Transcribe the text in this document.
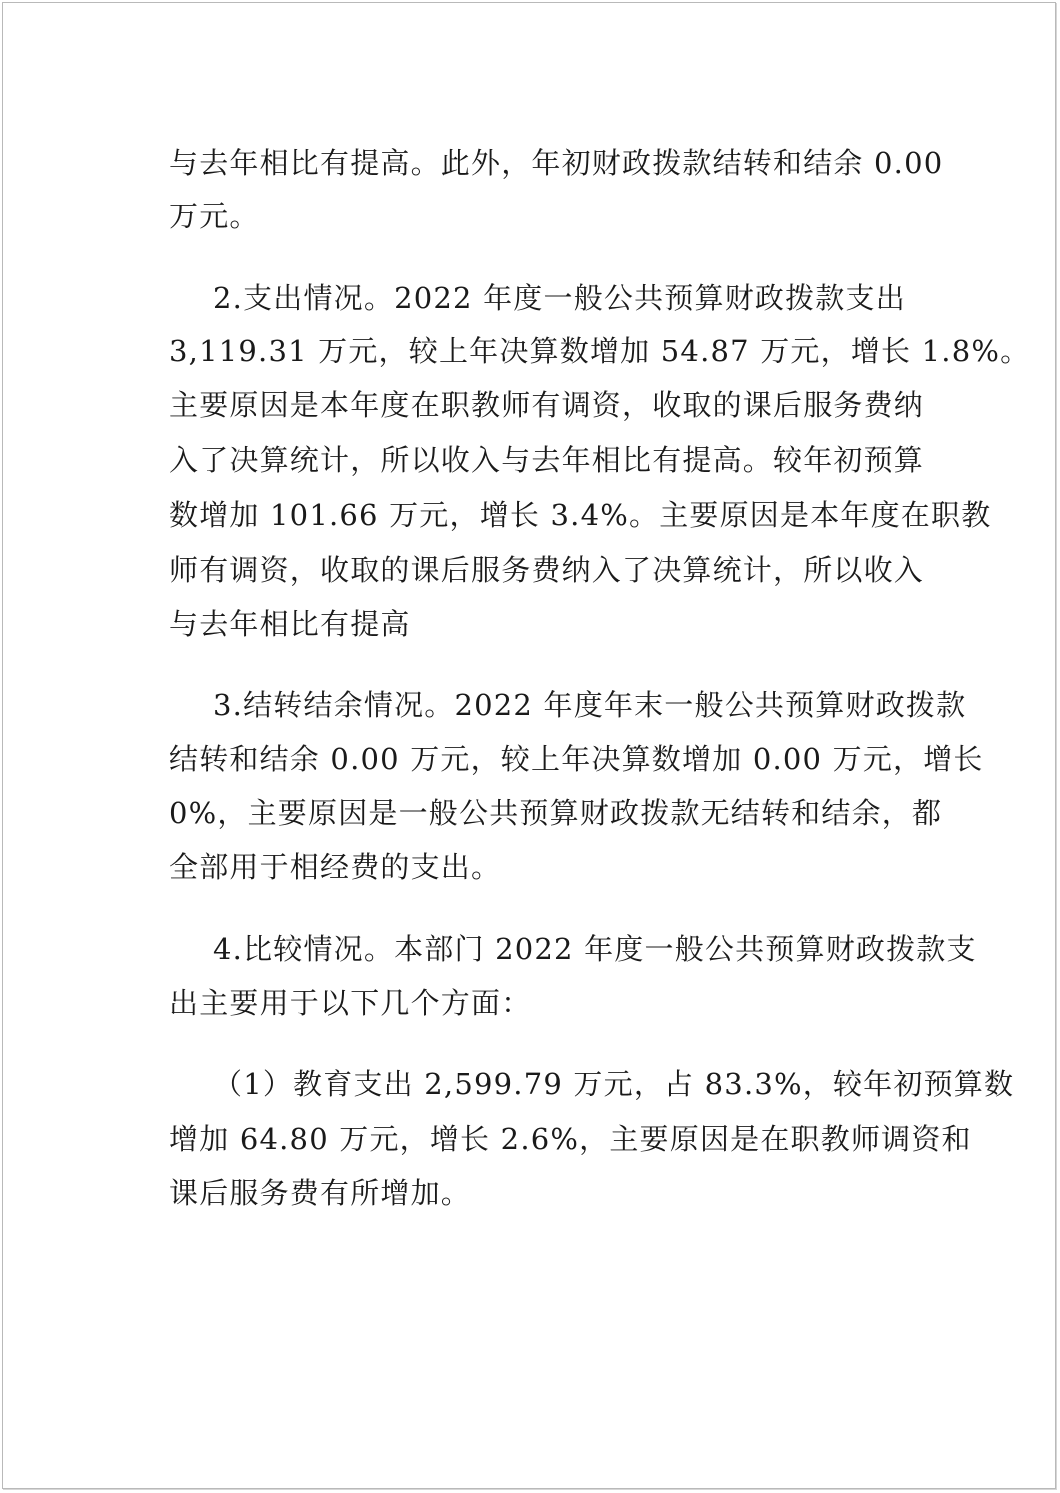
与去年相比有提高。此外，年初财政拨款结转和结余 0.00

万元。

2.支出情况。2022 年度一般公共预算财政拨款支出

3,119.31 万元，较上年决算数增加 54.87 万元，增长 1.8%。

主要原因是本年度在职教师有调资，收取的课后服务费纳

入了决算统计，所以收入与去年相比有提高。较年初预算

数增加 101.66 万元，增长 3.4%。主要原因是本年度在职教

师有调资，收取的课后服务费纳入了决算统计，所以收入

与去年相比有提高

3.结转结余情况。2022 年度年末一般公共预算财政拨款

结转和结余 0.00 万元，较上年决算数增加 0.00 万元，增长

0%，主要原因是一般公共预算财政拨款无结转和结余，都

全部用于相经费的支出。

4.比较情况。本部门 2022 年度一般公共预算财政拨款支

出主要用于以下几个方面：

（1）教育支出 2,599.79 万元，占 83.3%，较年初预算数

增加 64.80 万元，增长 2.6%，主要原因是在职教师调资和

课后服务费有所增加。
